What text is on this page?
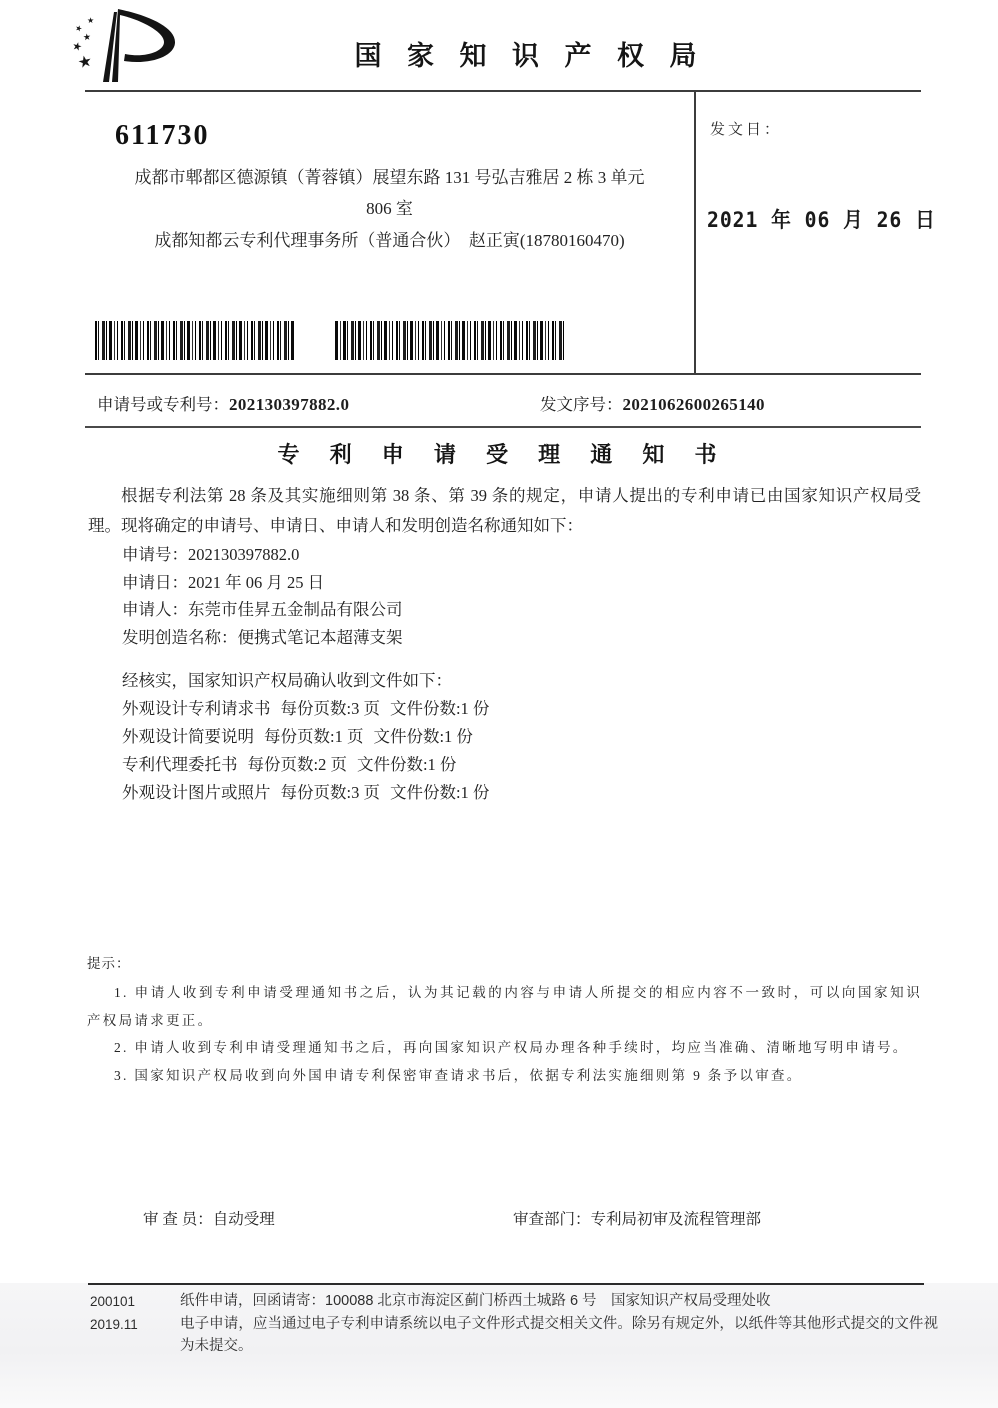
★
★
★
★
★
国 家 知 识 产 权 局
611730
成都市郫都区德源镇（菁蓉镇）展望东路 131 号弘吉雅居 2 栋 3 单元
806 室
成都知都云专利代理事务所（普通合伙）　赵正寅(18780160470)
发文日：
2021 年 06 月 26 日
申请号或专利号：202130397882.0	发文序号：2021062600265140
专 利 申 请 受 理 通 知 书
根据专利法第 28 条及其实施细则第 38 条、第 39 条的规定，申请人提出的专利申请已由国家知识产权局受理。现将确定的申请号、申请日、申请人和发明创造名称通知如下：
申请号：202130397882.0
申请日：2021 年 06 月 25 日
申请人：东莞市佳昇五金制品有限公司
发明创造名称：便携式笔记本超薄支架
经核实，国家知识产权局确认收到文件如下：
外观设计专利请求书 每份页数:3 页 文件份数:1 份
外观设计简要说明 每份页数:1 页 文件份数:1 份
专利代理委托书 每份页数:2 页 文件份数:1 份
外观设计图片或照片 每份页数:3 页 文件份数:1 份
提示：
1. 申请人收到专利申请受理通知书之后，认为其记载的内容与申请人所提交的相应内容不一致时，可以向国家知识产权局请求更正。
2. 申请人收到专利申请受理通知书之后，再向国家知识产权局办理各种手续时，均应当准确、清晰地写明申请号。
3. 国家知识产权局收到向外国申请专利保密审查请求书后，依据专利法实施细则第 9 条予以审查。
审 查 员：自动受理	审查部门：专利局初审及流程管理部
200101
2019.11
纸件申请，回函请寄：100088 北京市海淀区蓟门桥西土城路 6 号　国家知识产权局受理处收
电子申请，应当通过电子专利申请系统以电子文件形式提交相关文件。除另有规定外，以纸件等其他形式提交的文件视为未提交。
